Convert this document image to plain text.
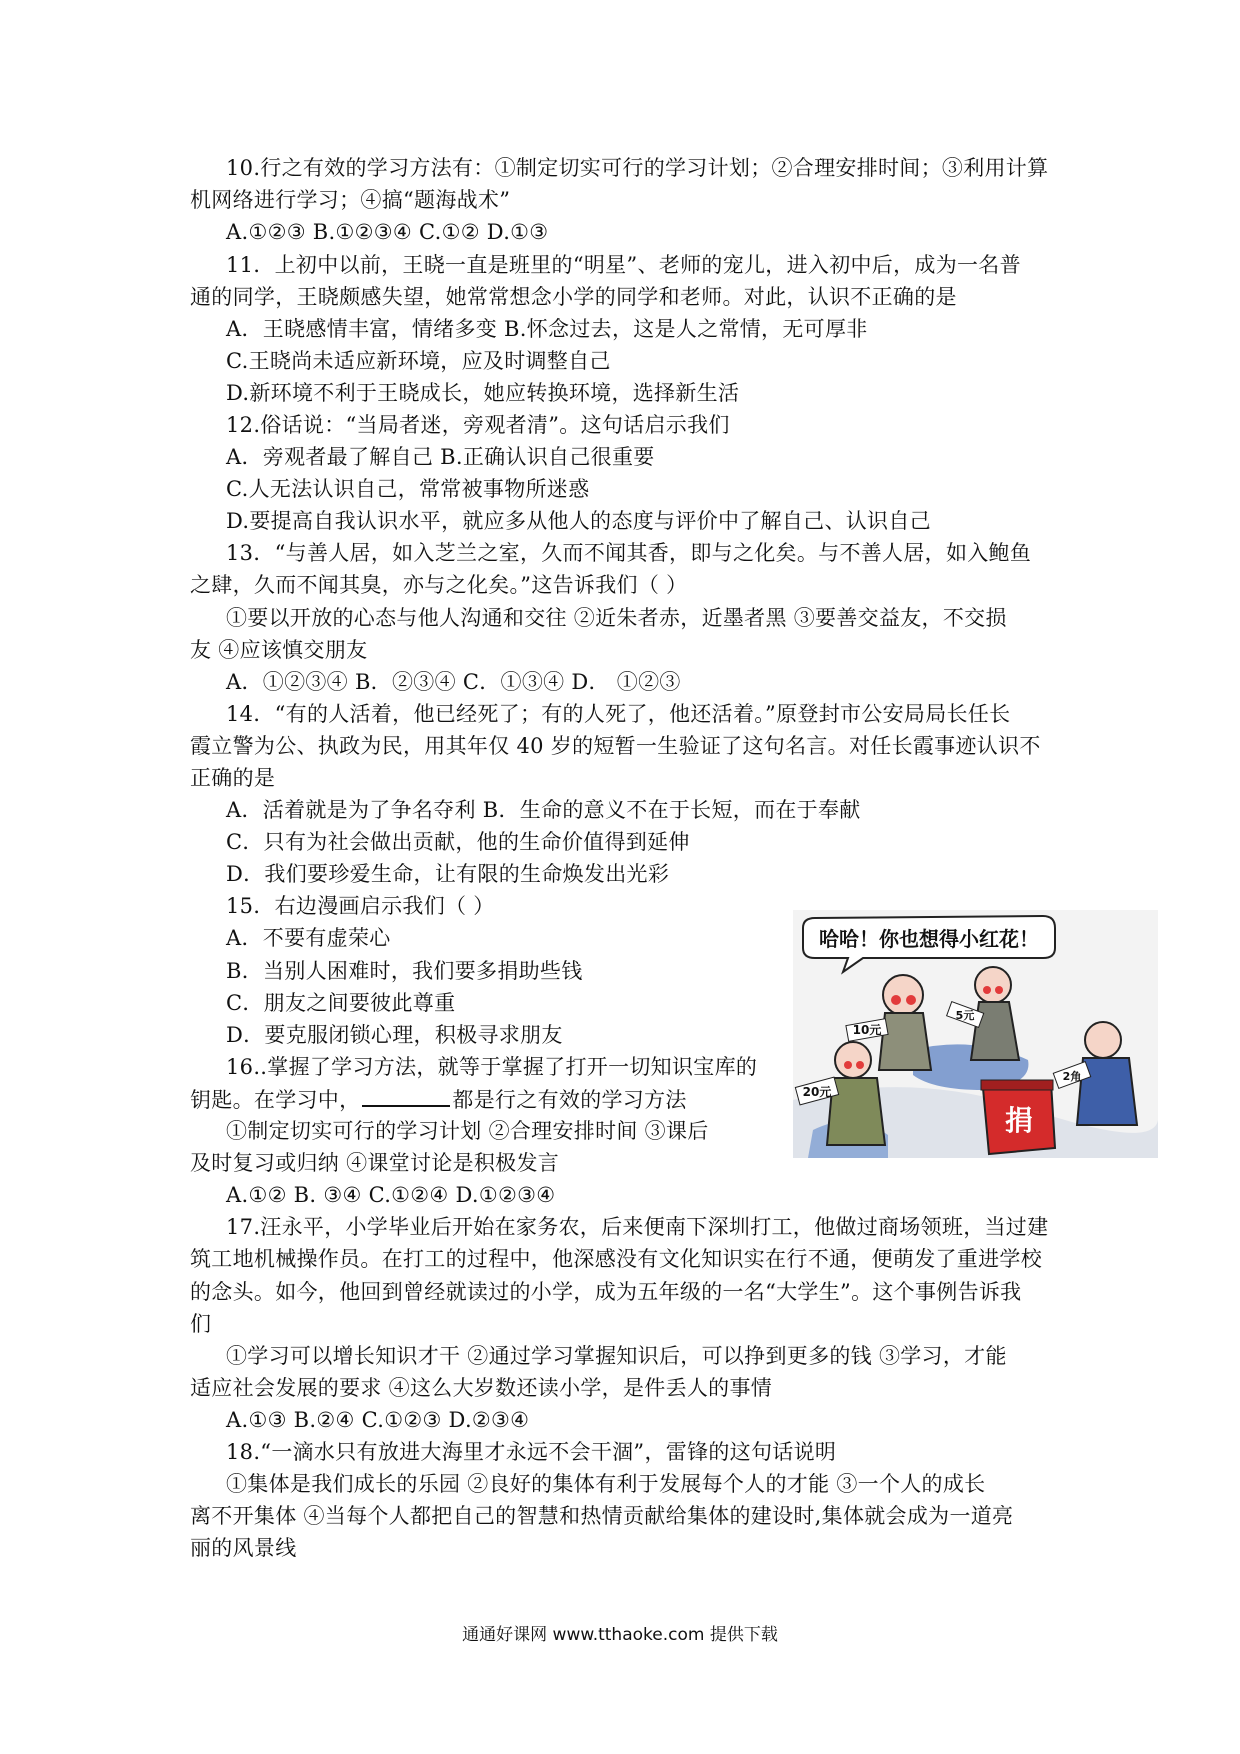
10.行之有效的学习方法有：①制定切实可行的学习计划；②合理安排时间；③利用计算
机网络进行学习；④搞“题海战术”
A.①②③ B.①②③④ C.①② D.①③
11．上初中以前，王晓一直是班里的“明星”、老师的宠儿，进入初中后，成为一名普
通的同学，王晓颇感失望，她常常想念小学的同学和老师。对此，认识不正确的是
A．王晓感情丰富，情绪多变 B.怀念过去，这是人之常情，无可厚非
C.王晓尚未适应新环境，应及时调整自己
D.新环境不利于王晓成长，她应转换环境，选择新生活
12.俗话说：“当局者迷，旁观者清”。这句话启示我们
A．旁观者最了解自己 B.正确认识自己很重要
C.人无法认识自己，常常被事物所迷惑
D.要提高自我认识水平，就应多从他人的态度与评价中了解自己、认识自己
13．“与善人居，如入芝兰之室，久而不闻其香，即与之化矣。与不善人居，如入鲍鱼
之肆，久而不闻其臭，亦与之化矣。”这告诉我们（ ）
①要以开放的心态与他人沟通和交往 ②近朱者赤，近墨者黑 ③要善交益友，不交损
友 ④应该慎交朋友
A．①②③④ B．②③④ C．①③④ D． ①②③
14．“有的人活着，他已经死了；有的人死了，他还活着。”原登封市公安局局长任长
霞立警为公、执政为民，用其年仅 40 岁的短暂一生验证了这句名言。对任长霞事迹认识不
正确的是
A．活着就是为了争名夺利 B．生命的意义不在于长短，而在于奉献
C．只有为社会做出贡献，他的生命价值得到延伸
D．我们要珍爱生命，让有限的生命焕发出光彩
15．右边漫画启示我们（ ）
A．不要有虚荣心
B．当别人困难时，我们要多捐助些钱
C．朋友之间要彼此尊重
D．要克服闭锁心理，积极寻求朋友
哈哈！你也想得小红花！
10元
5元
20元
2角
捐
16..掌握了学习方法，就等于掌握了打开一切知识宝库的
钥匙。在学习中，	都是行之有效的学习方法
①制定切实可行的学习计划 ②合理安排时间 ③课后
及时复习或归纳 ④课堂讨论是积极发言
A.①② B. ③④ C.①②④ D.①②③④
17.汪永平，小学毕业后开始在家务农，后来便南下深圳打工，他做过商场领班，当过建
筑工地机械操作员。在打工的过程中，他深感没有文化知识实在行不通，便萌发了重进学校
的念头。如今，他回到曾经就读过的小学，成为五年级的一名“大学生”。这个事例告诉我
们
①学习可以增长知识才干 ②通过学习掌握知识后，可以挣到更多的钱 ③学习，才能
适应社会发展的要求 ④这么大岁数还读小学，是件丢人的事情
A.①③ B.②④ C.①②③ D.②③④
18.“一滴水只有放进大海里才永远不会干涸”，雷锋的这句话说明
①集体是我们成长的乐园 ②良好的集体有利于发展每个人的才能 ③一个人的成长
离不开集体 ④当每个人都把自己的智慧和热情贡献给集体的建设时,集体就会成为一道亮
丽的风景线
通通好课网 www.tthaoke.com 提供下载
